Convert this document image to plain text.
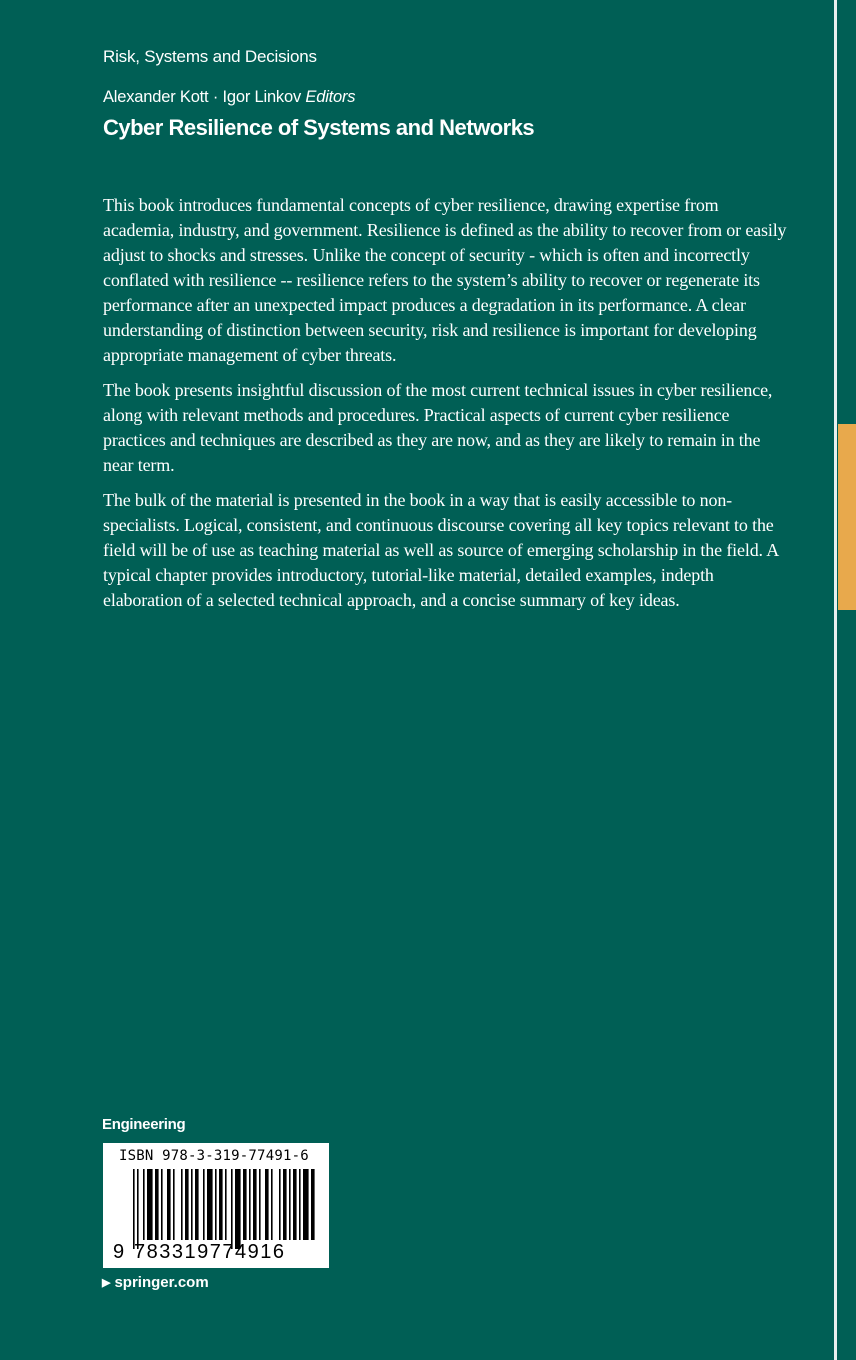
Risk, Systems and Decisions
Alexander Kott · Igor Linkov Editors
Cyber Resilience of Systems and Networks

This book introduces fundamental concepts of cyber resilience, drawing expertise from academia, industry, and government. Resilience is defined as the ability to recover from or easily adjust to shocks and stresses. Unlike the concept of security - which is often and incorrectly conflated with resilience -- resilience refers to the system’s ability to recover or regenerate its performance after an unexpected impact produces a degradation in its performance. A clear understanding of distinction between security, risk and resilience is important for developing appropriate management of cyber threats.

The book presents insightful discussion of the most current technical issues in cyber resilience, along with relevant methods and procedures. Practical aspects of current cyber resilience practices and techniques are described as they are now, and as they are likely to remain in the near term.

The bulk of the material is presented in the book in a way that is easily accessible to non-specialists. Logical, consistent, and continuous discourse covering all key topics relevant to the field will be of use as teaching material as well as source of emerging scholarship in the field. A typical chapter provides introductory, tutorial-like material, detailed examples, indepth elaboration of a selected technical approach, and a concise summary of key ideas.

Engineering
ISBN 978-3-319-77491-6
9 783319774916
▶ springer.com
